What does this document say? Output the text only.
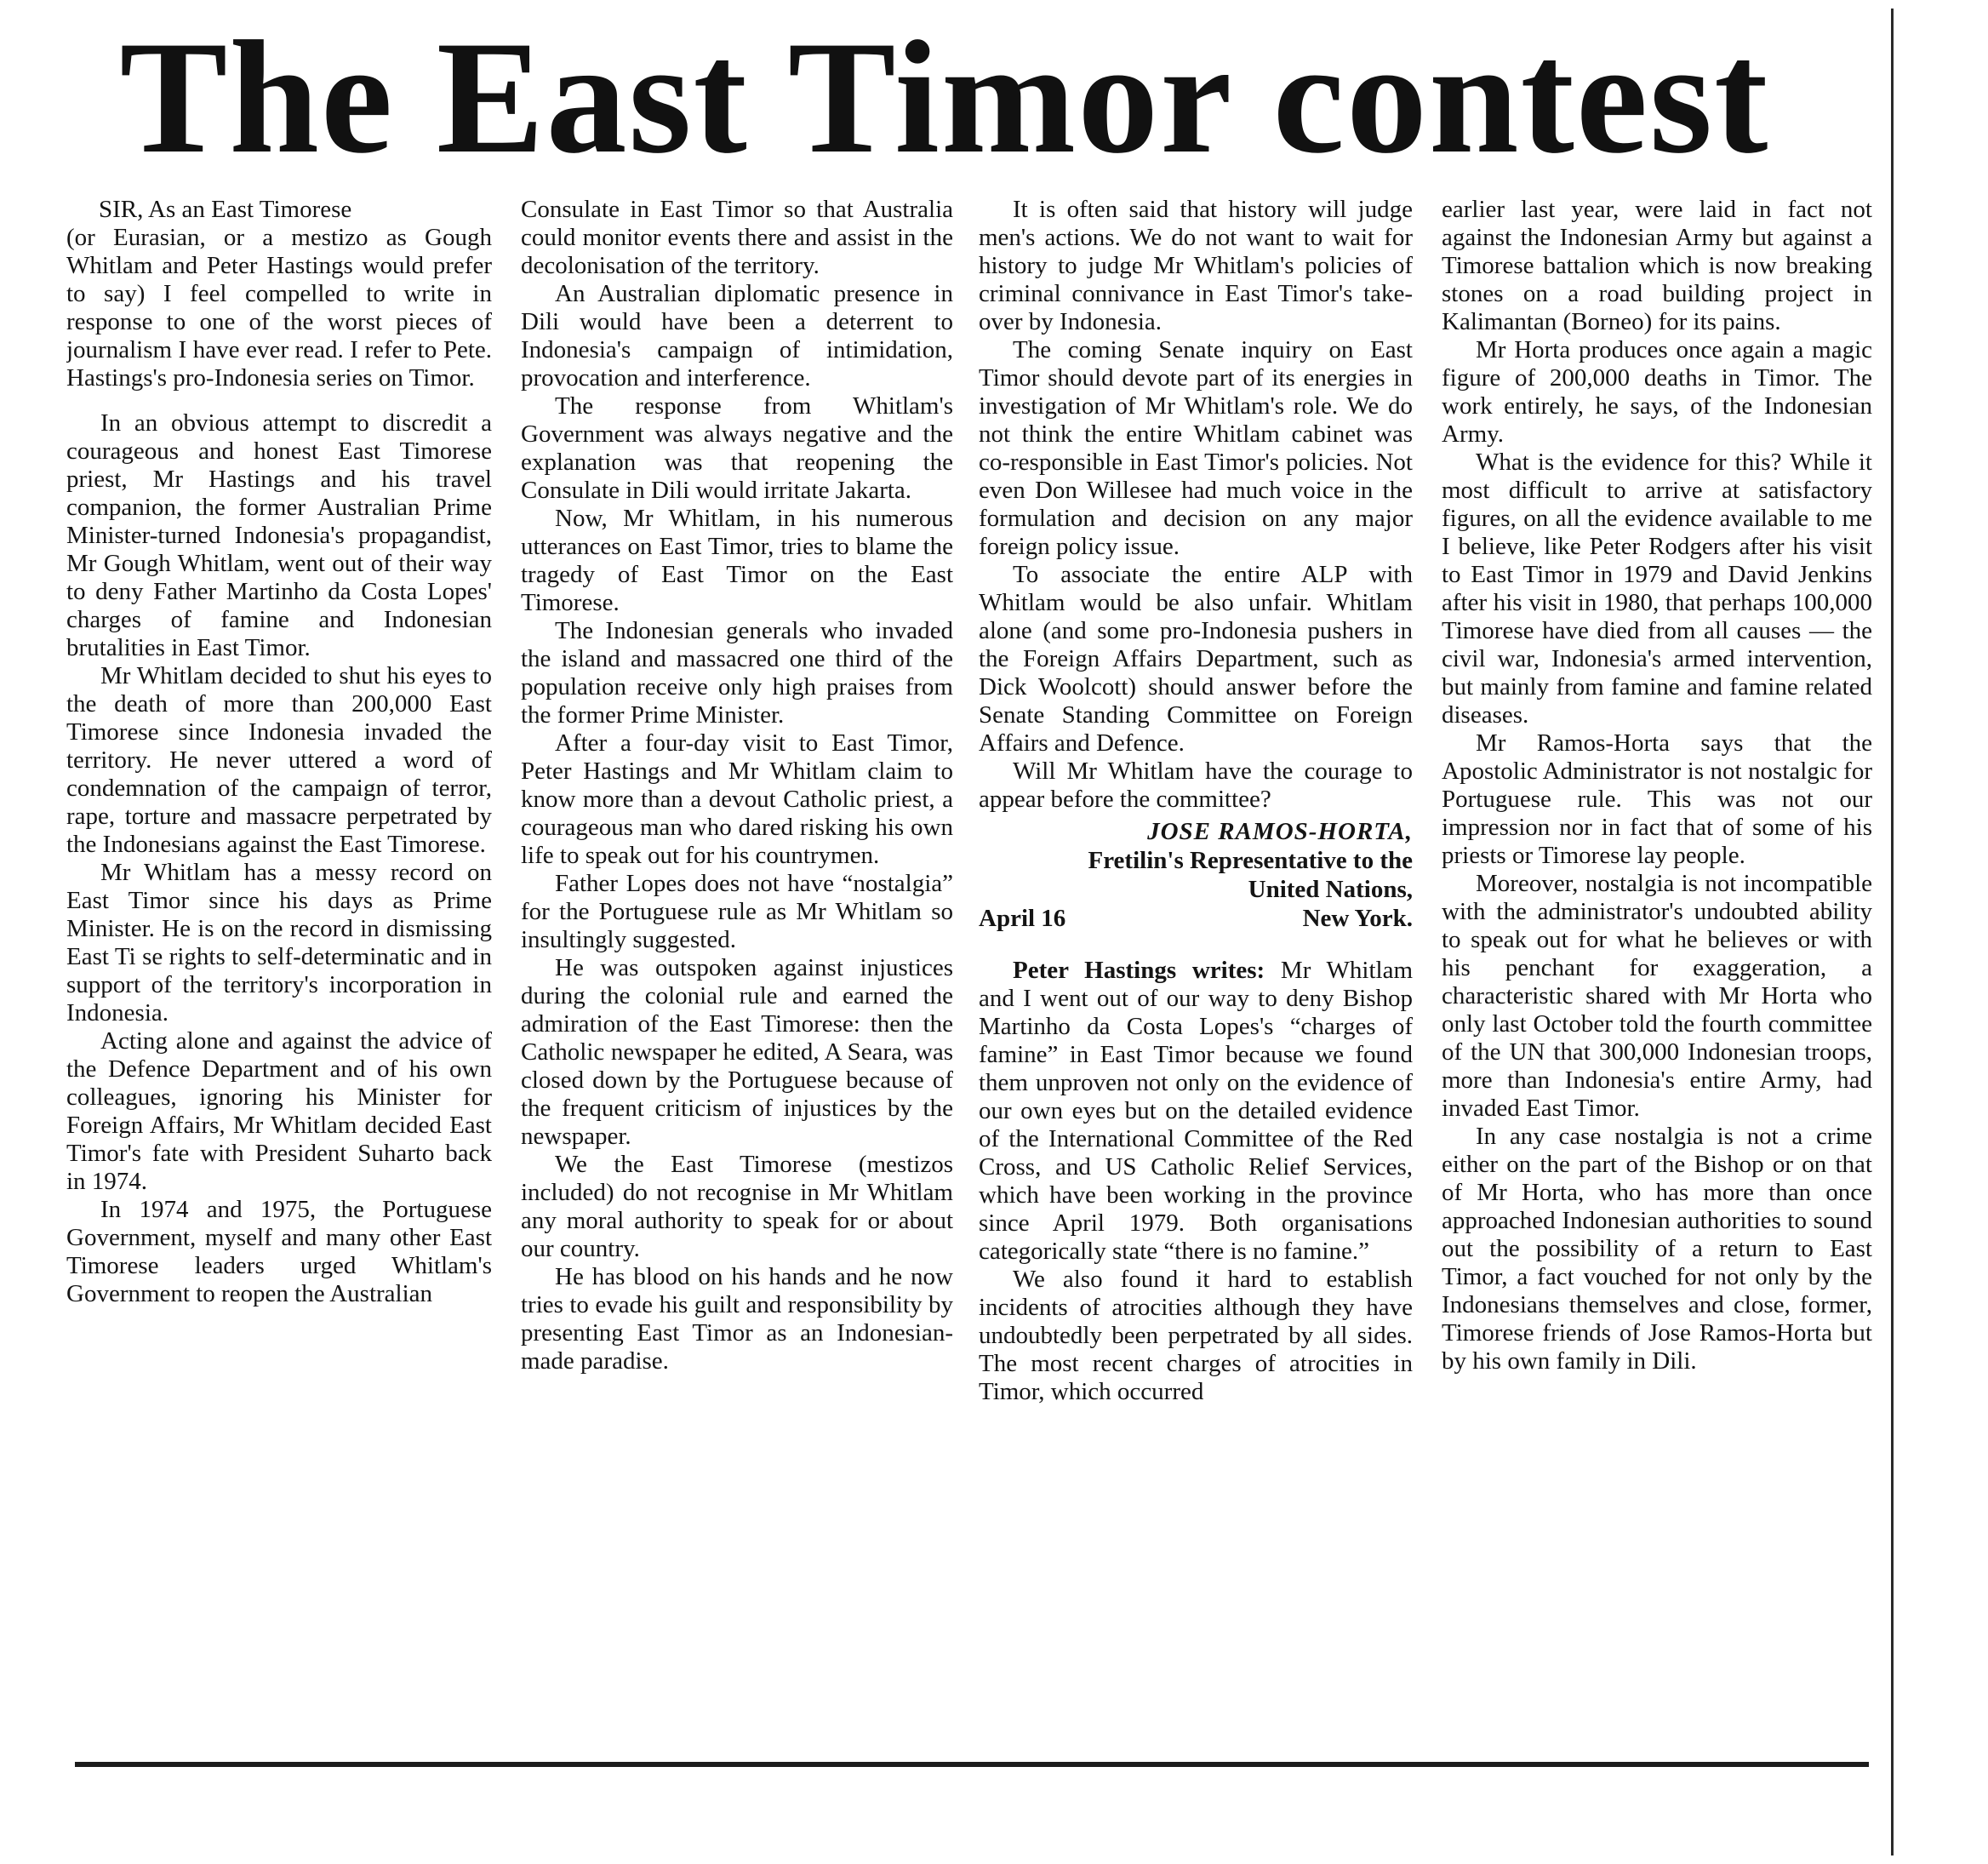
The East Timor contest

SIR, As an East Timorese

(or Eurasian, or a mestizo as Gough Whitlam and Peter Hastings would prefer to say) I feel compelled to write in response to one of the worst pieces of journalism I have ever read. I refer to Pete. Hastings's pro-Indonesia series on Timor.

In an obvious attempt to discredit a courageous and honest East Timorese priest, Mr Hastings and his travel companion, the former Australian Prime Minister-turned Indonesia's propagandist, Mr Gough Whitlam, went out of their way to deny Father Martinho da Costa Lopes' charges of famine and Indonesian brutalities in East Timor.

Mr Whitlam decided to shut his eyes to the death of more than 200,000 East Timorese since Indonesia invaded the territory. He never uttered a word of condemnation of the campaign of terror, rape, torture and massacre perpetrated by the Indonesians against the East Timorese.

Mr Whitlam has a messy record on East Timor since his days as Prime Minister. He is on the record in dismissing East Ti se rights to self-determinatic and in support of the territory's incorporation in Indonesia.

Acting alone and against the advice of the Defence Department and of his own colleagues, ignoring his Minister for Foreign Affairs, Mr Whitlam decided East Timor's fate with President Suharto back in 1974.

In 1974 and 1975, the Portuguese Government, myself and many other East Timorese leaders urged Whitlam's Government to reopen the Australian

Consulate in East Timor so that Australia could monitor events there and assist in the decolonisation of the territory.

An Australian diplomatic presence in Dili would have been a deterrent to Indonesia's campaign of intimidation, provocation and interference.

The response from Whitlam's Government was always negative and the explanation was that reopening the Consulate in Dili would irritate Jakarta.

Now, Mr Whitlam, in his numerous utterances on East Timor, tries to blame the tragedy of East Timor on the East Timorese.

The Indonesian generals who invaded the island and massacred one third of the population receive only high praises from the former Prime Minister.

After a four-day visit to East Timor, Peter Hastings and Mr Whitlam claim to know more than a devout Catholic priest, a courageous man who dared risking his own life to speak out for his countrymen.

Father Lopes does not have “nostalgia” for the Portuguese rule as Mr Whitlam so insultingly suggested.

He was outspoken against injustices during the colonial rule and earned the admiration of the East Timorese: then the Catholic newspaper he edited, A Seara, was closed down by the Portuguese because of the frequent criticism of injustices by the newspaper.

We the East Timorese (mestizos included) do not recognise in Mr Whitlam any moral authority to speak for or about our country.

He has blood on his hands and he now tries to evade his guilt and responsibility by presenting East Timor as an Indonesian-made paradise.

It is often said that history will judge men's actions. We do not want to wait for history to judge Mr Whitlam's policies of criminal connivance in East Timor's take-over by Indonesia.

The coming Senate inquiry on East Timor should devote part of its energies in investigation of Mr Whitlam's role. We do not think the entire Whitlam cabinet was co-responsible in East Timor's policies. Not even Don Willesee had much voice in the formulation and decision on any major foreign policy issue.

To associate the entire ALP with Whitlam would be also unfair. Whitlam alone (and some pro-Indonesia pushers in the Foreign Affairs Department, such as Dick Woolcott) should answer before the Senate Standing Committee on Foreign Affairs and Defence.

Will Mr Whitlam have the courage to appear before the committee?

JOSE RAMOS-HORTA,
Fretilin's Representative to the
United Nations,
April 16	New York.

Peter Hastings writes: Mr Whitlam and I went out of our way to deny Bishop Martinho da Costa Lopes's “charges of famine” in East Timor because we found them unproven not only on the evidence of our own eyes but on the detailed evidence of the International Committee of the Red Cross, and US Catholic Relief Services, which have been working in the province since April 1979. Both organisations categorically state “there is no famine.”

We also found it hard to establish incidents of atrocities although they have undoubtedly been perpetrated by all sides. The most recent charges of atrocities in Timor, which occurred

earlier last year, were laid in fact not against the Indonesian Army but against a Timorese battalion which is now breaking stones on a road building project in Kalimantan (Borneo) for its pains.

Mr Horta produces once again a magic figure of 200,000 deaths in Timor. The work entirely, he says, of the Indonesian Army.

What is the evidence for this? While it most difficult to arrive at satisfactory figures, on all the evidence available to me I believe, like Peter Rodgers after his visit to East Timor in 1979 and David Jenkins after his visit in 1980, that perhaps 100,000 Timorese have died from all causes — the civil war, Indonesia's armed intervention, but mainly from famine and famine related diseases.

Mr Ramos-Horta says that the Apostolic Administrator is not nostalgic for Portuguese rule. This was not our impression nor in fact that of some of his priests or Timorese lay people.

Moreover, nostalgia is not incompatible with the administrator's undoubted ability to speak out for what he believes or with his penchant for exaggeration, a characteristic shared with Mr Horta who only last October told the fourth committee of the UN that 300,000 Indonesian troops, more than Indonesia's entire Army, had invaded East Timor.

In any case nostalgia is not a crime either on the part of the Bishop or on that of Mr Horta, who has more than once approached Indonesian authorities to sound out the possibility of a return to East Timor, a fact vouched for not only by the Indonesians themselves and close, former, Timorese friends of Jose Ramos-Horta but by his own family in Dili.
